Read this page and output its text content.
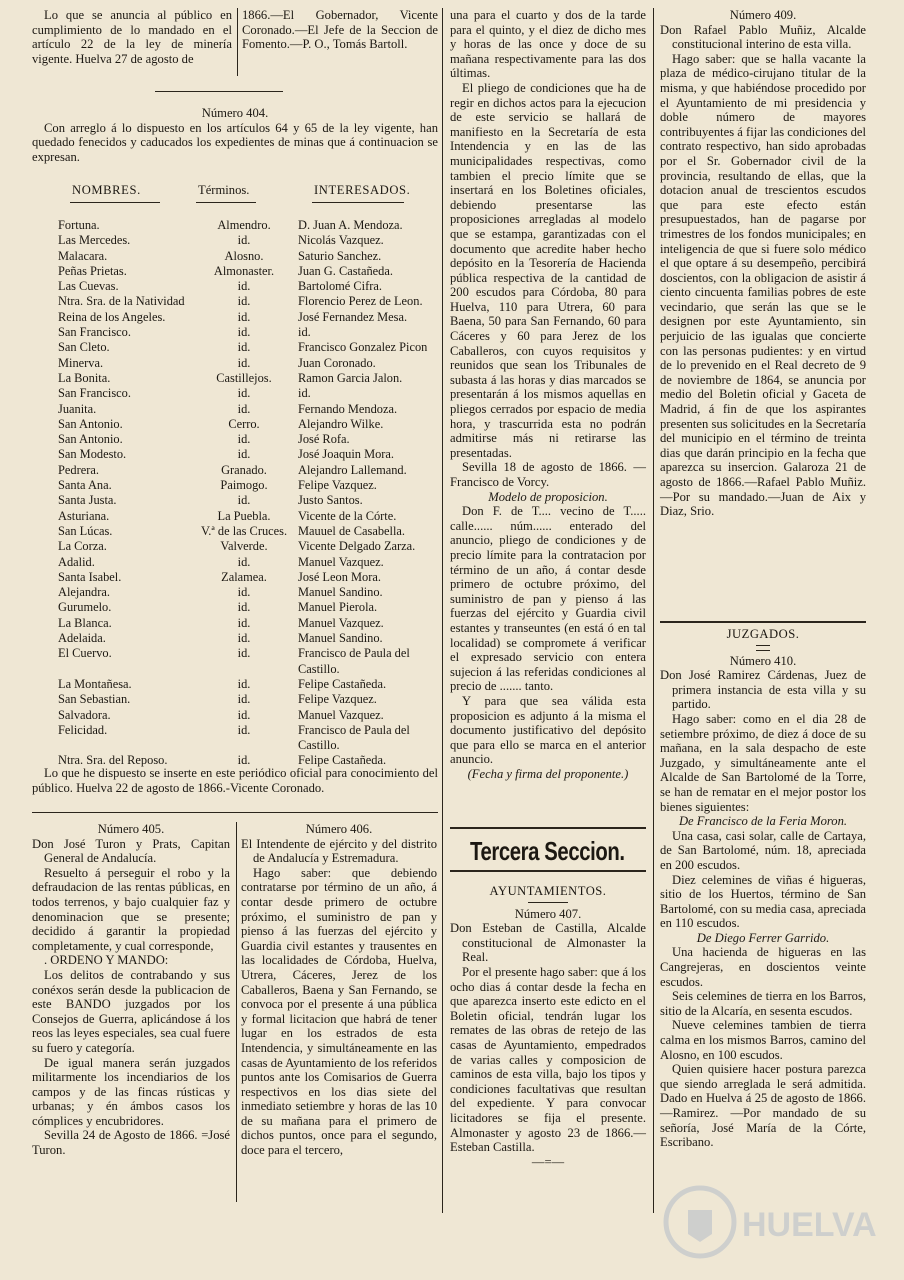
Lo que se anuncia al público en cumplimiento de lo mandado en el artículo 22 de la ley de minería vigente. Huelva 27 de agosto de

1866.—El Gobernador, Vicente Coronado.—El Jefe de la Seccion de Fomento.—P. O., Tomás Bartoll.

Número 404.

Con arreglo á lo dispuesto en los artículos 64 y 65 de la ley vigente, han quedado fenecidos y caducados los expedientes de minas que á continuacion se expresan.

NOMBRES.	Términos.	INTERESADOS.
Fortuna.	Almendro.	D. Juan A. Mendoza.
Las Mercedes.	id.	Nicolás Vazquez.
Malacara.	Alosno.	Saturio Sanchez.
Peñas Prietas.	Almonaster.	Juan G. Castañeda.
Las Cuevas.	id.	Bartolomé Cifra.
Ntra. Sra. de la Natividad	id.	Florencio Perez de Leon.
Reina de los Angeles.	id.	José Fernandez Mesa.
San Francisco.	id.	id.
San Cleto.	id.	Francisco Gonzalez Picon
Minerva.	id.	Juan Coronado.
La Bonita.	Castillejos.	Ramon Garcia Jalon.
San Francisco.	id.	id.
Juanita.	id.	Fernando Mendoza.
San Antonio.	Cerro.	Alejandro Wilke.
San Antonio.	id.	José Rofa.
San Modesto.	id.	José Joaquin Mora.
Pedrera.	Granado.	Alejandro Lallemand.
Santa Ana.	Paimogo.	Felipe Vazquez.
Santa Justa.	id.	Justo Santos.
Asturiana.	La Puebla.	Vicente de la Córte.
San Lúcas.	V.ª de las Cruces.	Mauuel de Casabella.
La Corza.	Valverde.	Vicente Delgado Zarza.
Adalid.	id.	Manuel Vazquez.
Santa Isabel.	Zalamea.	José Leon Mora.
Alejandra.	id.	Manuel Sandino.
Gurumelo.	id.	Manuel Pierola.
La Blanca.	id.	Manuel Vazquez.
Adelaida.	id.	Manuel Sandino.
El Cuervo.	id.	Francisco de Paula del
		Castillo.
La Montañesa.	id.	Felipe Castañeda.
San Sebastian.	id.	Felipe Vazquez.
Salvadora.	id.	Manuel Vazquez.
Felicidad.	id.	Francisco de Paula del
		Castillo.
Ntra. Sra. del Reposo.	id.	Felipe Castañeda.

Lo que he dispuesto se inserte en este periódico oficial para conocimiento del público. Huelva 22 de agosto de 1866.-Vicente Coronado.

Número 405.

Don José Turon y Prats, Capitan General de Andalucía.

Resuelto á perseguir el robo y la defraudacion de las rentas públicas, en todos terrenos, y bajo cualquier faz y denominacion que se presente; decidido á garantir la propiedad completamente, y cual corresponde,

. ORDENO Y MANDO:

Los delitos de contrabando y sus conéxos serán desde la publicacion de este BANDO juzgados por los Consejos de Guerra, aplicándose á los reos las leyes especiales, sea cual fuere su fuero y categoría.

De igual manera serán juzgados militarmente los incendiarios de los campos y de las fincas rústicas y urbanas; y én ámbos casos los cómplices y encubridores.

Sevilla 24 de Agosto de 1866. =José Turon.

Número 406.

El Intendente de ejército y del distrito de Andalucía y Estremadura.

Hago saber: que debiendo contratarse por término de un año, á contar desde primero de octubre próximo, el suministro de pan y pienso á las fuerzas del ejército y Guardia civil estantes y trausentes en las localidades de Córdoba, Huelva, Utrera, Cáceres, Jerez de los Caballeros, Baena y San Fernando, se convoca por el presente á una pública y formal licitacion que habrá de tener lugar en los estrados de esta Intendencia, y simultáneamente en las casas de Ayuntamiento de los referidos puntos ante los Comisarios de Guerra respectivos en los dias siete del inmediato setiembre y horas de las 10 de su mañana para el primero de dichos puntos, once para el segundo, doce para el tercero,

una para el cuarto y dos de la tarde para el quinto, y el diez de dicho mes y horas de las once y doce de su mañana respectivamente para las dos últimas.

El pliego de condiciones que ha de regir en dichos actos para la ejecucion de este servicio se hallará de manifiesto en la Secretaría de esta Intendencia y en las de las municipalidades respectivas, como tambien el precio límite que se insertará en los Boletines oficiales, debiendo presentarse las proposiciones arregladas al modelo que se estampa, garantizadas con el documento que acredite haber hecho depósito en la Tesorería de Hacienda pública respectiva de la cantidad de 200 escudos para Córdoba, 80 para Huelva, 110 para Utrera, 60 para Baena, 50 para San Fernando, 60 para Cáceres y 60 para Jerez de los Caballeros, con cuyos requisitos y reunidos que sean los Tribunales de subasta á las horas y dias marcados se presentarán á los mismos aquellas en pliegos cerrados por espacio de media hora, y trascurrida esta no podrán admitirse más ni retirarse las presentadas.

Sevilla 18 de agosto de 1866. —Francisco de Vorcy.

Modelo de proposicion.

Don F. de T.... vecino de T..... calle...... núm...... enterado del anuncio, pliego de condiciones y de precio límite para la contratacion por término de un año, á contar desde primero de octubre próximo, del suministro de pan y pienso á las fuerzas del ejército y Guardia civil estantes y transeuntes (en está ó en tal localidad) se compromete á verificar el expresado servicio con entera sujecion á las referidas condiciones al precio de ....... tanto.

Y para que sea válida esta proposicion es adjunto á la misma el documento justificativo del depósito que para ello se marca en el anterior anuncio.

(Fecha y firma del proponente.)

Tercera Seccion.

AYUNTAMIENTOS.

Número 407.

Don Esteban de Castilla, Alcalde constitucional de Almonaster la Real.

Por el presente hago saber: que á los ocho dias á contar desde la fecha en que aparezca inserto este edicto en el Boletin oficial, tendrán lugar los remates de las obras de retejo de las casas de Ayuntamiento, empedrados de varias calles y composicion de caminos de esta villa, bajo los tipos y condiciones facultativas que resultan del expediente. Y para convocar licitadores se fija el presente. Almonaster y agosto 23 de 1866.—Esteban Castilla.

—=—

Número 409.

Don Rafael Pablo Muñiz, Alcalde constitucional interino de esta villa.

Hago saber: que se halla vacante la plaza de médico-cirujano titular de la misma, y que habiéndose procedido por el Ayuntamiento de mi presidencia y doble número de mayores contribuyentes á fijar las condiciones del contrato respectivo, han sido aprobadas por el Sr. Gobernador civil de la provincia, resultando de ellas, que la dotacion anual de trescientos escudos que para este efecto están presupuestados, han de pagarse por trimestres de los fondos municipales; en inteligencia de que si fuere solo médico el que optare á su desempeño, percibirá doscientos, con la obligacion de asistir á ciento cincuenta familias pobres de este vecindario, que serán las que se le designen por este Ayuntamiento, sin perjuicio de las igualas que concierte con las personas pudientes: y en virtud de lo prevenido en el Real decreto de 9 de noviembre de 1864, se anuncia por medio del Boletin oficial y Gaceta de Madrid, á fin de que los aspirantes presenten sus solicitudes en la Secretaría del municipio en el término de treinta dias que darán principio en la fecha que aparezca su insercion. Galaroza 21 de agosto de 1866.—Rafael Pablo Muñiz.—Por su mandado.—Juan de Aix y Diaz, Srio.

JUZGADOS.

Número 410.

Don José Ramirez Cárdenas, Juez de primera instancia de esta villa y su partido.

Hago saber: como en el dia 28 de setiembre próximo, de diez á doce de su mañana, en la sala despacho de este Juzgado, y simultáneamente ante el Alcalde de San Bartolomé de la Torre, se han de rematar en el mejor postor los bienes siguientes:

De Francisco de la Feria Moron.

Una casa, casi solar, calle de Cartaya, de San Bartolomé, núm. 18, apreciada en 200 escudos.

Diez celemines de viñas é higueras, sitio de los Huertos, término de San Bartolomé, con su media casa, apreciada en 110 escudos.

De Diego Ferrer Garrido.

Una hacienda de higueras en las Cangrejeras, en doscientos veinte escudos.

Seis celemines de tierra en los Barros, sitio de la Alcaría, en sesenta escudos.

Nueve celemines tambien de tierra calma en los mismos Barros, camino del Alosno, en 100 escudos.

Quien quisiere hacer postura parezca que siendo arreglada le será admitida. Dado en Huelva á 25 de agosto de 1866.—Ramirez. —Por mandado de su señoría, José María de la Córte, Escribano.

HUELVA
